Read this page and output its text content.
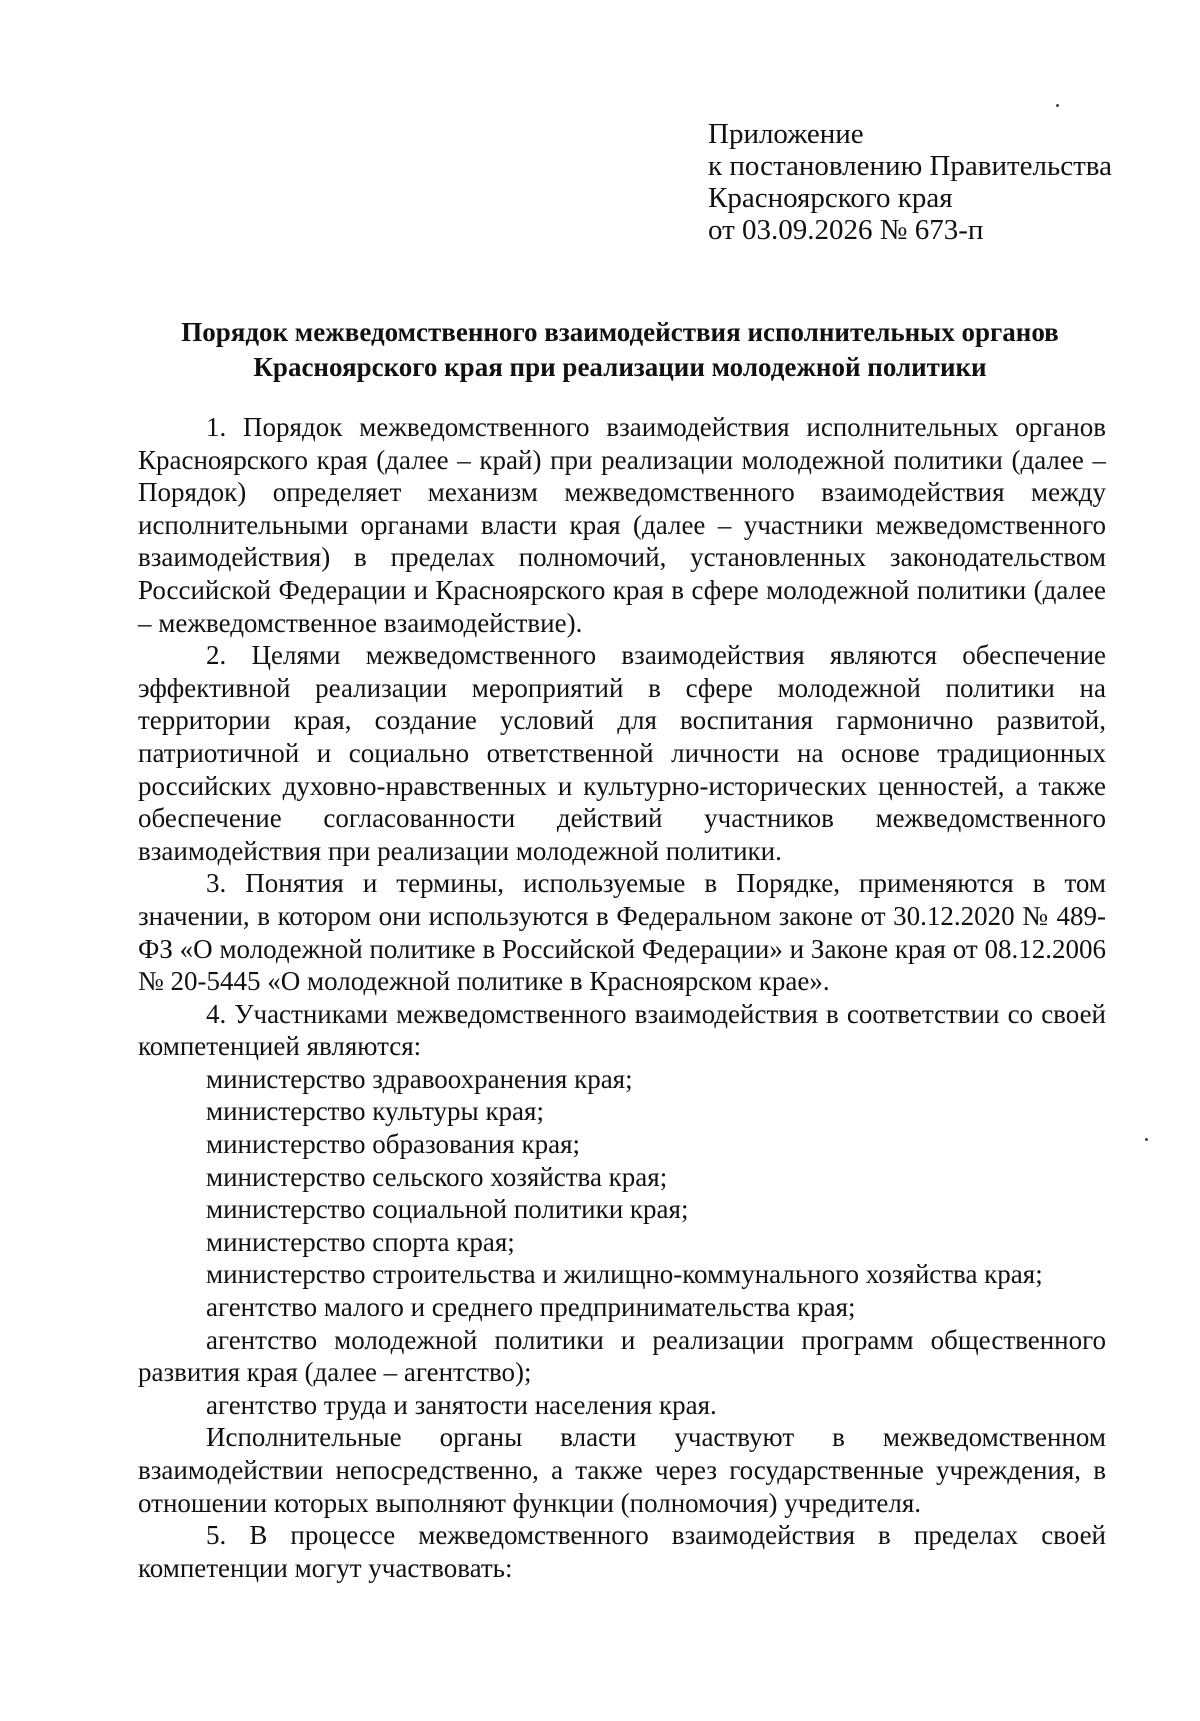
Приложение
к постановлению Правительства
Красноярского края
от 03.09.2026 № 673-п
Порядок межведомственного взаимодействия исполнительных органов
Красноярского края при реализации молодежной политики

1. Порядок межведомственного взаимодействия исполнительных органов Красноярского края (далее – край) при реализации молодежной политики (далее – Порядок) определяет механизм межведомственного взаимодействия между исполнительными органами власти края (далее – участники межведомственного взаимодействия) в пределах полномочий, установленных законодательством Российской Федерации и Красноярского края в сфере молодежной политики (далее – межведомственное взаимодействие).

2. Целями межведомственного взаимодействия являются обеспечение эффективной реализации мероприятий в сфере молодежной политики на территории края, создание условий для воспитания гармонично развитой, патриотичной и социально ответственной личности на основе традиционных российских духовно-нравственных и культурно-исторических ценностей, а также обеспечение согласованности действий участников межведомственного взаимодействия при реализации молодежной политики.

3. Понятия и термины, используемые в Порядке, применяются в том значении, в котором они используются в Федеральном законе от 30.12.2020 № 489-ФЗ «О молодежной политике в Российской Федерации» и Законе края от 08.12.2006 № 20-5445 «О молодежной политике в Красноярском крае».

4. Участниками межведомственного взаимодействия в соответствии со своей компетенцией являются:

министерство здравоохранения края;

министерство культуры края;

министерство образования края;

министерство сельского хозяйства края;

министерство социальной политики края;

министерство спорта края;

министерство строительства и жилищно-коммунального хозяйства края;

агентство малого и среднего предпринимательства края;

агентство молодежной политики и реализации программ общественного развития края (далее – агентство);

агентство труда и занятости населения края.

Исполнительные органы власти участвуют в межведомственном взаимодействии непосредственно, а также через государственные учреждения, в отношении которых выполняют функции (полномочия) учредителя.

5. В процессе межведомственного взаимодействия в пределах своей компетенции могут участвовать:
